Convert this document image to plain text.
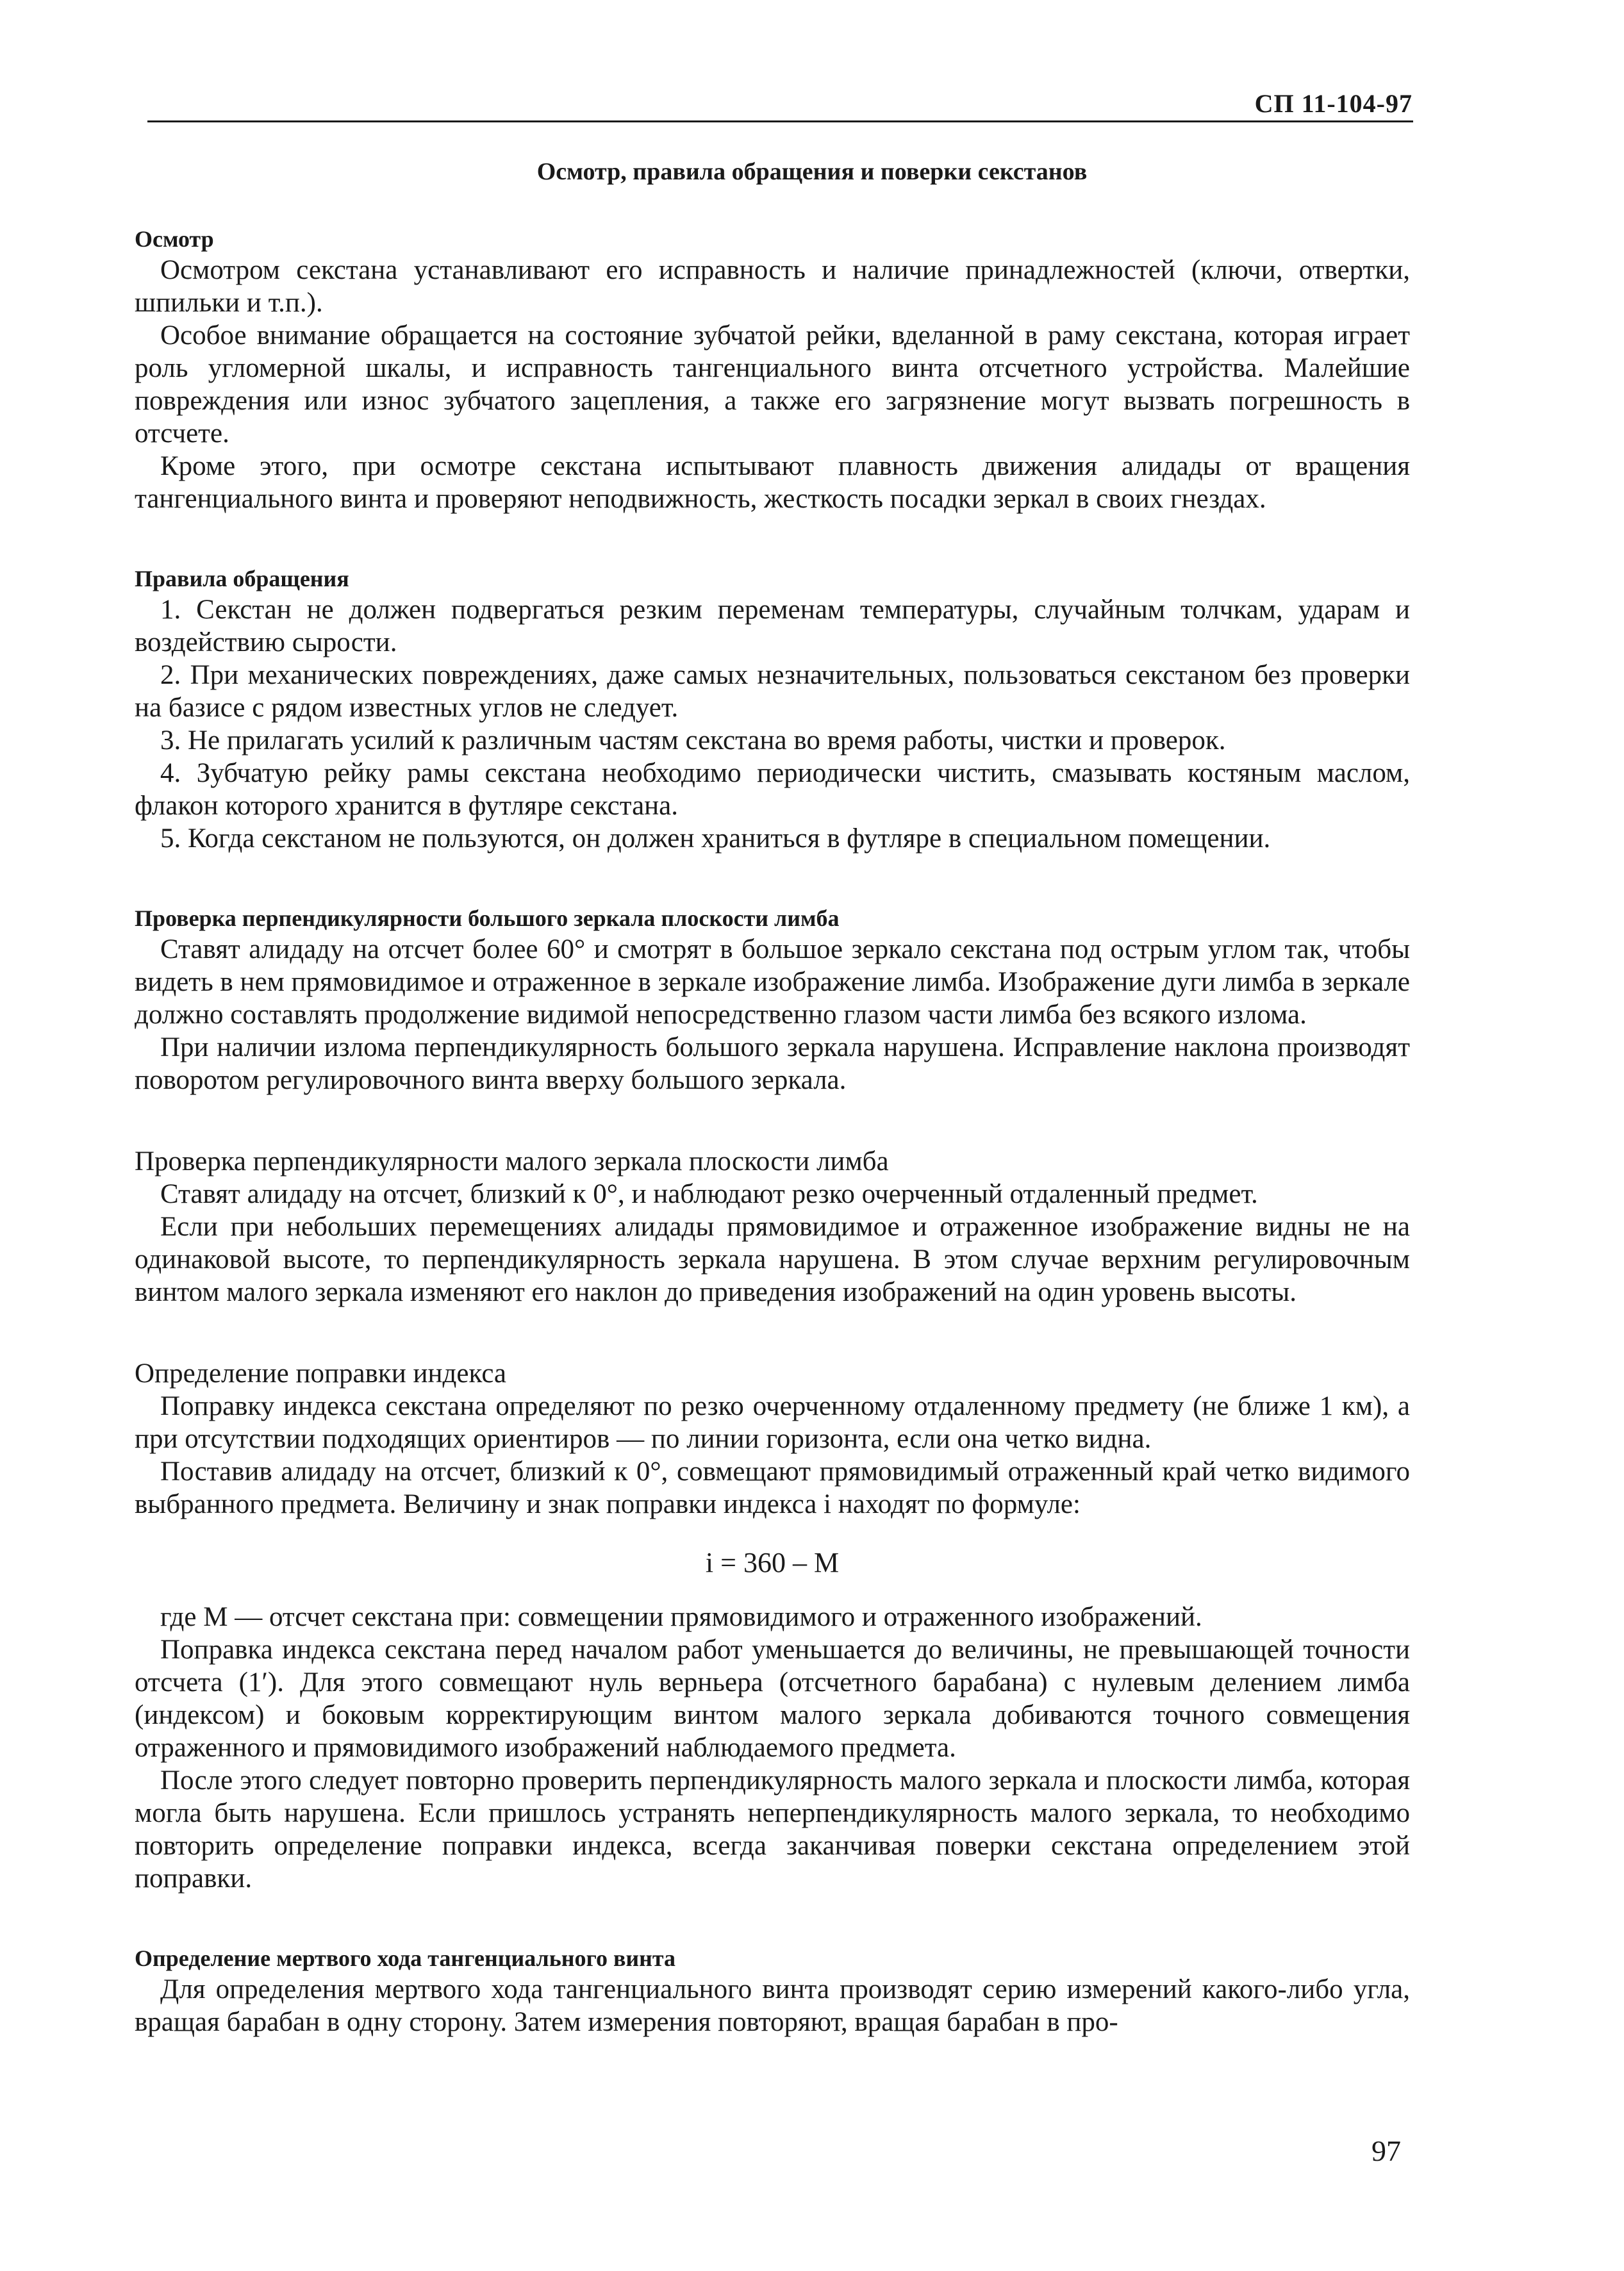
СП 11-104-97
Осмотр, правила обращения и поверки секстанов

Осмотр

Осмотром секстана устанавливают его исправность и наличие принадлежностей (ключи, отвертки, шпильки и т.п.).

Особое внимание обращается на состояние зубчатой рейки, вделанной в раму секстана, которая играет роль угломерной шкалы, и исправность тангенциального винта отсчетного устройства. Малейшие повреждения или износ зубчатого зацепления, а также его загрязнение могут вызвать погрешность в отсчете.

Кроме этого, при осмотре секстана испытывают плавность движения алидады от вращения тангенциального винта и проверяют неподвижность, жесткость посадки зеркал в своих гнездах.

Правила обращения

1. Секстан не должен подвергаться резким переменам температуры, случайным толчкам, ударам и воздействию сырости.

2. При механических повреждениях, даже самых незначительных, пользоваться секстаном без проверки на базисе с рядом известных углов не следует.

3. Не прилагать усилий к различным частям секстана во время работы, чистки и проверок.

4. Зубчатую рейку рамы секстана необходимо периодически чистить, смазывать костяным маслом, флакон которого хранится в футляре секстана.

5. Когда секстаном не пользуются, он должен храниться в футляре в специальном помещении.

Проверка перпендикулярности большого зеркала плоскости лимба

Ставят алидаду на отсчет более 60° и смотрят в большое зеркало секстана под острым углом так, чтобы видеть в нем прямовидимое и отраженное в зеркале изображение лимба. Изображение дуги лимба в зеркале должно составлять продолжение видимой непосредственно глазом части лимба без всякого излома.

При наличии излома перпендикулярность большого зеркала нарушена. Исправление наклона производят поворотом регулировочного винта вверху большого зеркала.

Проверка перпендикулярности малого зеркала плоскости лимба

Ставят алидаду на отсчет, близкий к 0°, и наблюдают резко очерченный отдаленный предмет.

Если при небольших перемещениях алидады прямовидимое и отраженное изображение видны не на одинаковой высоте, то перпендикулярность зеркала нарушена. В этом случае верхним регулировочным винтом малого зеркала изменяют его наклон до приведения изображений на один уровень высоты.

Определение поправки индекса

Поправку индекса секстана определяют по резко очерченному отдаленному предмету (не ближе 1 км), а при отсутствии подходящих ориентиров — по линии горизонта, если она четко видна.

Поставив алидаду на отсчет, близкий к 0°, совмещают прямовидимый отраженный край четко видимого выбранного предмета. Величину и знак поправки индекса i находят по формуле:

i = 360 – M

где M — отсчет секстана при: совмещении прямовидимого и отраженного изображений.

Поправка индекса секстана перед началом работ уменьшается до величины, не превышающей точности отсчета (1′). Для этого совмещают нуль верньера (отсчетного барабана) с нулевым делением лимба (индексом) и боковым корректирующим винтом малого зеркала добиваются точного совмещения отраженного и прямовидимого изображений наблюдаемого предмета.

После этого следует повторно проверить перпендикулярность малого зеркала и плоскости лимба, которая могла быть нарушена. Если пришлось устранять неперпендикулярность малого зеркала, то необходимо повторить определение поправки индекса, всегда заканчивая поверки секстана определением этой поправки.

Определение мертвого хода тангенциального винта

Для определения мертвого хода тангенциального винта производят серию измерений какого-либо угла, вращая барабан в одну сторону. Затем измерения повторяют, вращая барабан в про-

97
